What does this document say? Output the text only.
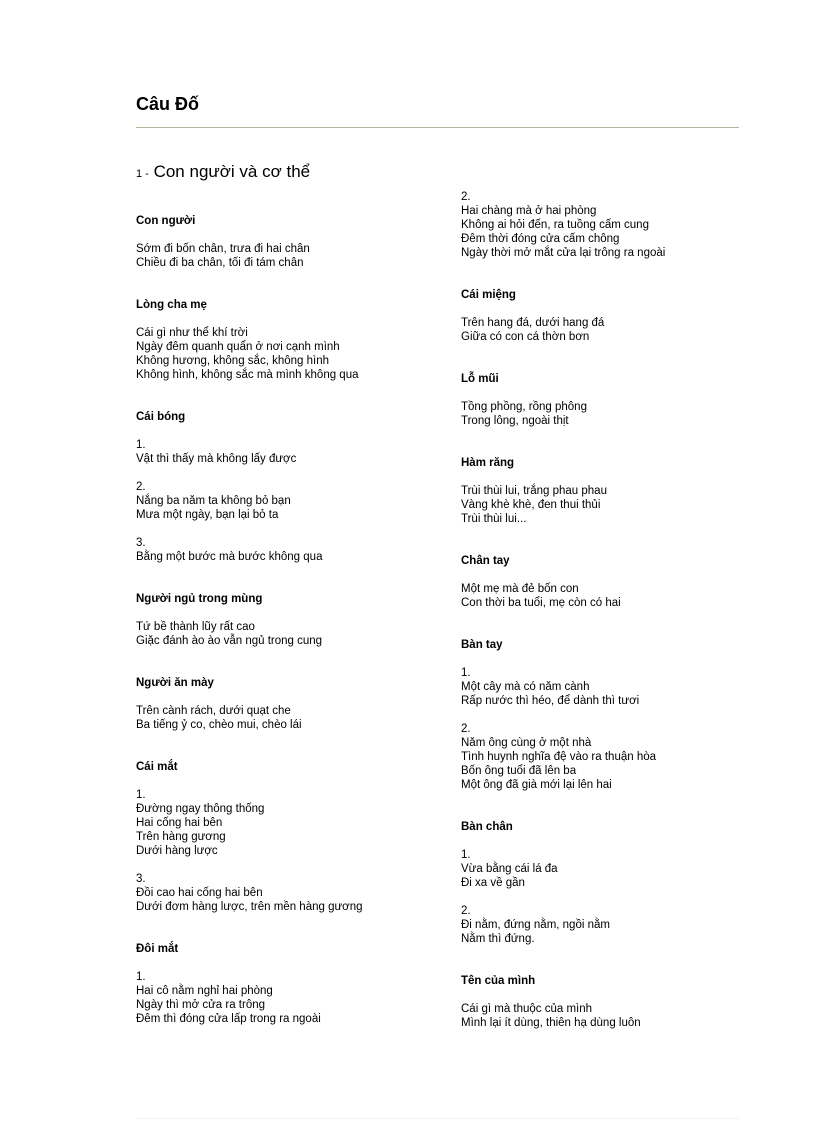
Câu Đố
1 - Con người và cơ thể
Con người
Sớm đi bốn chân, trưa đi hai chân
Chiều đi ba chân, tối đi tám chân
Lòng cha mẹ
Cái gì như thể khí trời
Ngày đêm quanh quẩn ở nơi cạnh mình
Không hương, không sắc, không hình
Không hình, không sắc mà mình không qua
Cái bóng
1.
Vật thì thấy mà không lấy được
2.
Nắng ba năm ta không bỏ bạn
Mưa một ngày, bạn lại bỏ ta
3.
Bằng một bước mà bước không qua
Người ngủ trong mùng
Tứ bề thành lũy rất cao
Giặc đánh ào ào vẫn ngủ trong cung
Người ăn mày
Trên cành rách, dưới quạt che
Ba tiếng ỷ co, chèo mui, chèo lái
Cái mắt
1.
Đường ngay thông thống
Hai cống hai bên
Trên hàng gương
Dưới hàng lược
3.
Đồi cao hai cống hai bên
Dưới đơm hàng lược, trên mền hàng gương
Đôi mắt
1.
Hai cô nằm nghỉ hai phòng
Ngày thì mở cửa ra trông
Đêm thì đóng cửa lấp trong ra ngoài
2.
Hai chàng mà ở hai phòng
Không ai hỏi đến, ra tuồng cấm cung
Đêm thời đóng cửa cấm chông
Ngày thời mở mắt cửa lại trông ra ngoài
Cái miệng
Trên hang đá, dưới hang đá
Giữa có con cá thờn bơn
Lỗ mũi
Tồng phồng, rồng phông
Trong lông, ngoài thịt
Hàm răng
Trùi thùi lui, trắng phau phau
Vàng khè khè, đen thui thủi
Trùi thùi lui...
Chân tay
Một mẹ mà đẻ bốn con
Con thời ba tuổi, mẹ còn có hai
Bàn tay
1.
Một cây mà có năm cành
Rấp nước thì héo, để dành thì tươi
2.
Năm ông cùng ở một nhà
Tình huynh nghĩa đệ vào ra thuận hòa
Bốn ông tuổi đã lên ba
Một ông đã già mới lại lên hai
Bàn chân
1.
Vừa bằng cái lá đa
Đi xa về gần
2.
Đi nằm, đứng nằm, ngồi nằm
Nằm thì đứng.
Tên của mình
Cái gì mà thuộc của mình
Mình lại ít dùng, thiên hạ dùng luôn
